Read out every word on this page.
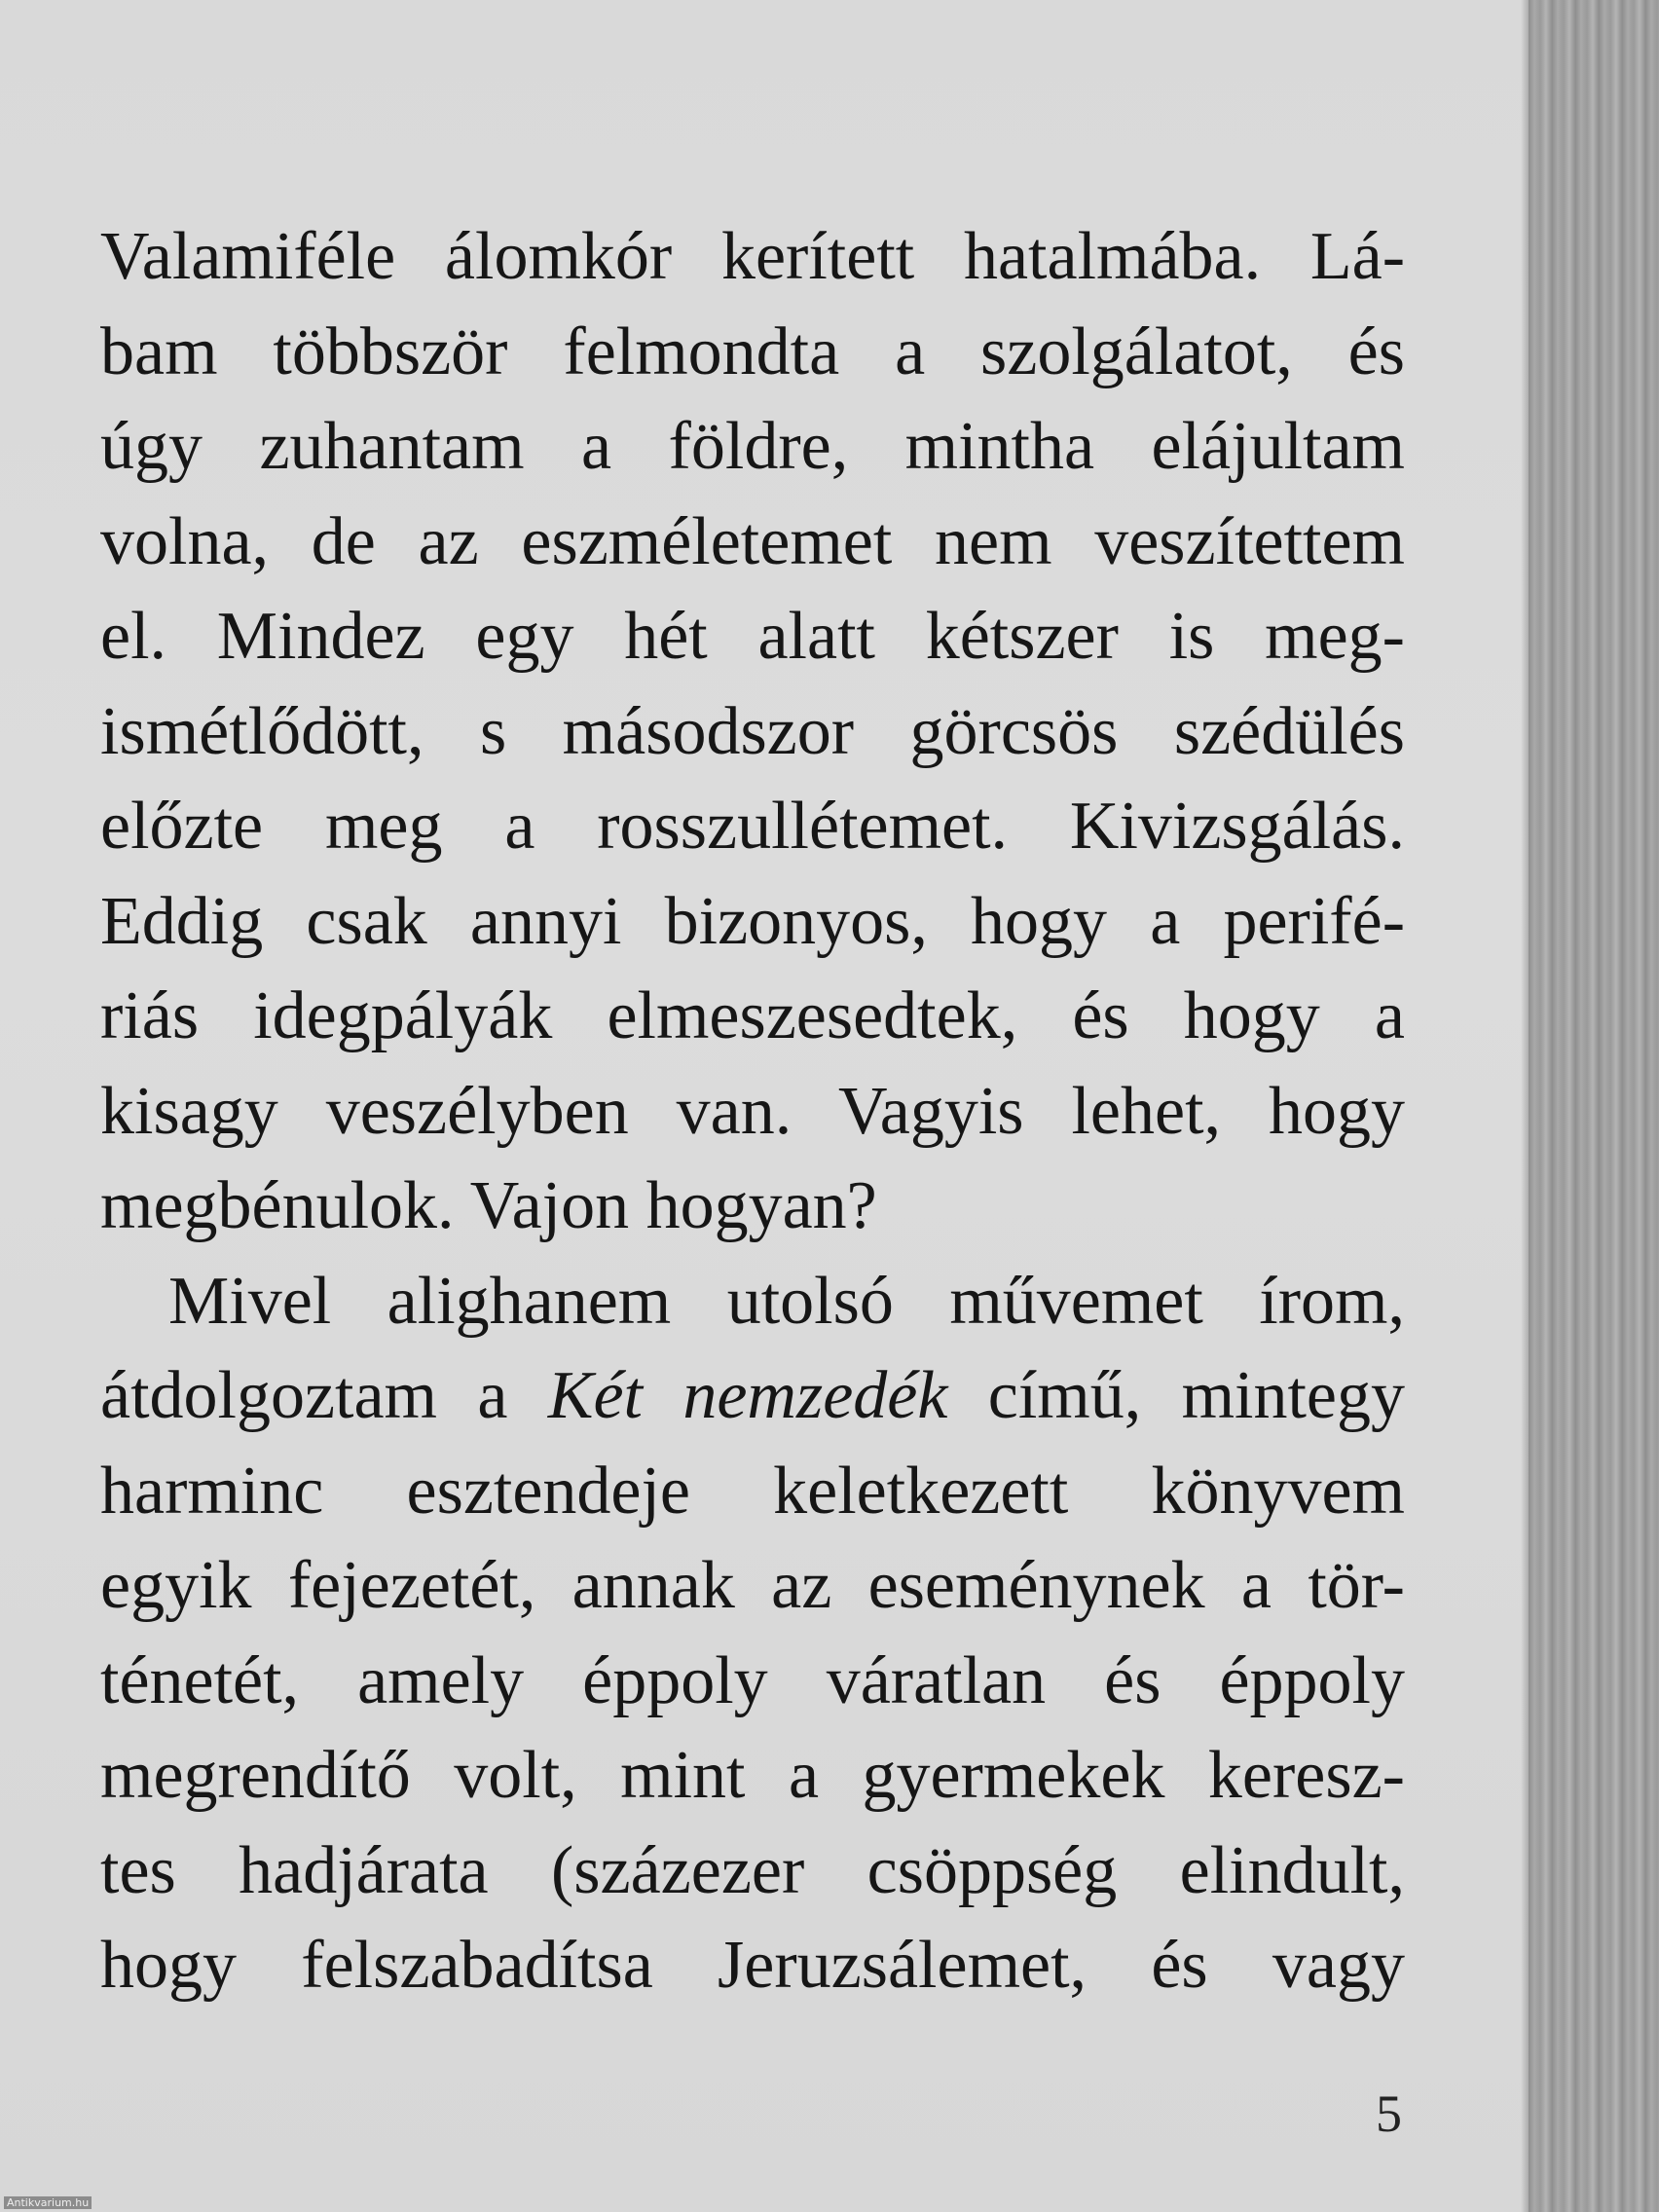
Valamiféle álomkór kerített hatalmába. Lá-
bam többször felmondta a szolgálatot, és
úgy zuhantam a földre, mintha elájultam
volna, de az eszméletemet nem veszítettem
el. Mindez egy hét alatt kétszer is meg-
ismétlődött, s másodszor görcsös szédülés
előzte meg a rosszullétemet. Kivizsgálás.
Eddig csak annyi bizonyos, hogy a perifé-
riás idegpályák elmeszesedtek, és hogy a
kisagy veszélyben van. Vagyis lehet, hogy
megbénulok. Vajon hogyan?
Mivel alighanem utolsó művemet írom,
átdolgoztam a Két nemzedék című, mintegy
harminc esztendeje keletkezett könyvem
egyik fejezetét, annak az eseménynek a tör-
ténetét, amely éppoly váratlan és éppoly
megrendítő volt, mint a gyermekek keresz-
tes hadjárata (százezer csöppség elindult,
hogy felszabadítsa Jeruzsálemet, és vagy
5
Antikvarium.hu
